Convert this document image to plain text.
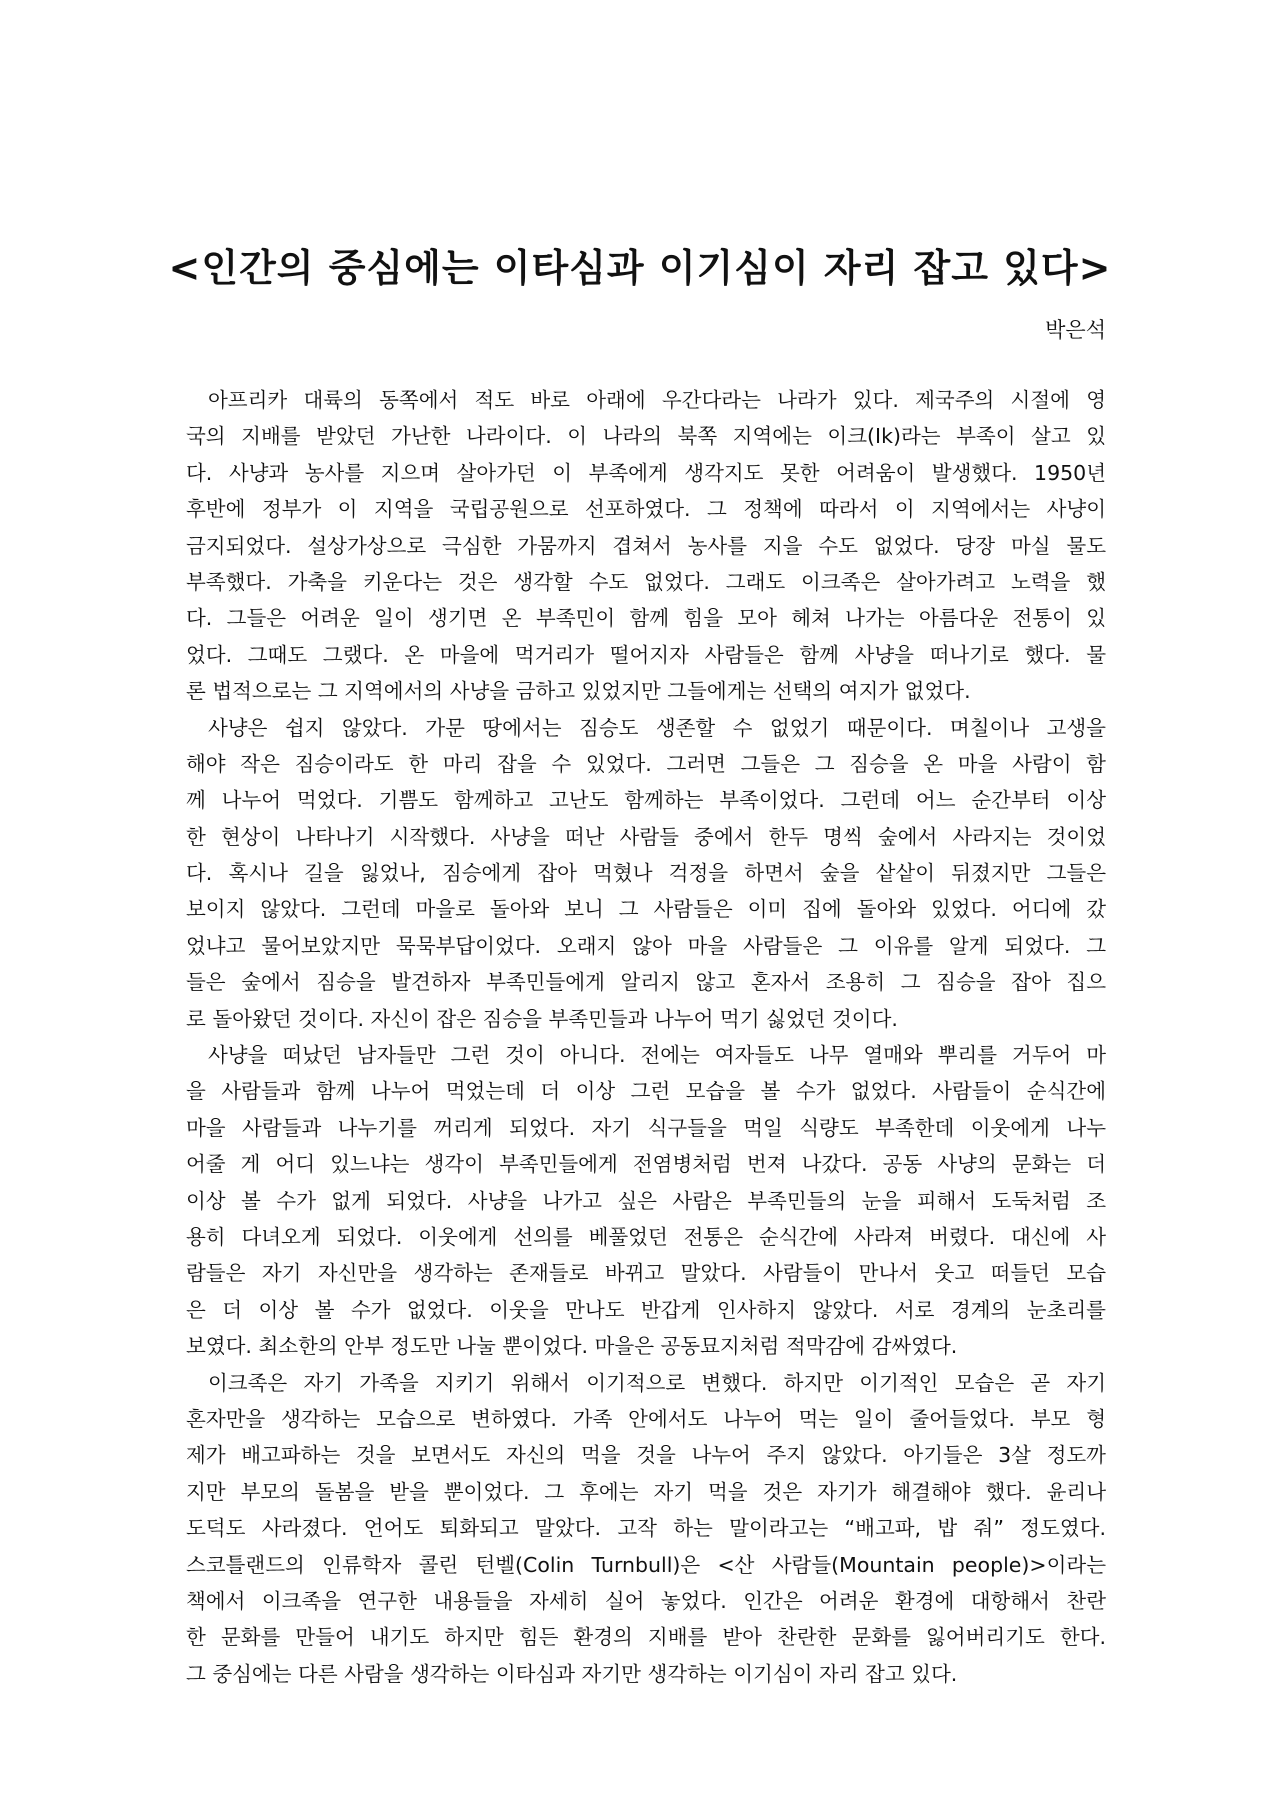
<인간의 중심에는 이타심과 이기심이 자리 잡고 있다>
박은석
아프리카 대륙의 동쪽에서 적도 바로 아래에 우간다라는 나라가 있다. 제국주의 시절에 영
국의 지배를 받았던 가난한 나라이다. 이 나라의 북쪽 지역에는 이크(Ik)라는 부족이 살고 있
다. 사냥과 농사를 지으며 살아가던 이 부족에게 생각지도 못한 어려움이 발생했다. 1950년
후반에 정부가 이 지역을 국립공원으로 선포하였다. 그 정책에 따라서 이 지역에서는 사냥이
금지되었다. 설상가상으로 극심한 가뭄까지 겹쳐서 농사를 지을 수도 없었다. 당장 마실 물도
부족했다. 가축을 키운다는 것은 생각할 수도 없었다. 그래도 이크족은 살아가려고 노력을 했
다. 그들은 어려운 일이 생기면 온 부족민이 함께 힘을 모아 헤쳐 나가는 아름다운 전통이 있
었다. 그때도 그랬다. 온 마을에 먹거리가 떨어지자 사람들은 함께 사냥을 떠나기로 했다. 물
론 법적으로는 그 지역에서의 사냥을 금하고 있었지만 그들에게는 선택의 여지가 없었다.
사냥은 쉽지 않았다. 가문 땅에서는 짐승도 생존할 수 없었기 때문이다. 며칠이나 고생을
해야 작은 짐승이라도 한 마리 잡을 수 있었다. 그러면 그들은 그 짐승을 온 마을 사람이 함
께 나누어 먹었다. 기쁨도 함께하고 고난도 함께하는 부족이었다. 그런데 어느 순간부터 이상
한 현상이 나타나기 시작했다. 사냥을 떠난 사람들 중에서 한두 명씩 숲에서 사라지는 것이었
다. 혹시나 길을 잃었나, 짐승에게 잡아 먹혔나 걱정을 하면서 숲을 샅샅이 뒤졌지만 그들은
보이지 않았다. 그런데 마을로 돌아와 보니 그 사람들은 이미 집에 돌아와 있었다. 어디에 갔
었냐고 물어보았지만 묵묵부답이었다. 오래지 않아 마을 사람들은 그 이유를 알게 되었다. 그
들은 숲에서 짐승을 발견하자 부족민들에게 알리지 않고 혼자서 조용히 그 짐승을 잡아 집으
로 돌아왔던 것이다. 자신이 잡은 짐승을 부족민들과 나누어 먹기 싫었던 것이다.
사냥을 떠났던 남자들만 그런 것이 아니다. 전에는 여자들도 나무 열매와 뿌리를 거두어 마
을 사람들과 함께 나누어 먹었는데 더 이상 그런 모습을 볼 수가 없었다. 사람들이 순식간에
마을 사람들과 나누기를 꺼리게 되었다. 자기 식구들을 먹일 식량도 부족한데 이웃에게 나누
어줄 게 어디 있느냐는 생각이 부족민들에게 전염병처럼 번져 나갔다. 공동 사냥의 문화는 더
이상 볼 수가 없게 되었다. 사냥을 나가고 싶은 사람은 부족민들의 눈을 피해서 도둑처럼 조
용히 다녀오게 되었다. 이웃에게 선의를 베풀었던 전통은 순식간에 사라져 버렸다. 대신에 사
람들은 자기 자신만을 생각하는 존재들로 바뀌고 말았다. 사람들이 만나서 웃고 떠들던 모습
은 더 이상 볼 수가 없었다. 이웃을 만나도 반갑게 인사하지 않았다. 서로 경계의 눈초리를
보였다. 최소한의 안부 정도만 나눌 뿐이었다. 마을은 공동묘지처럼 적막감에 감싸였다.
이크족은 자기 가족을 지키기 위해서 이기적으로 변했다. 하지만 이기적인 모습은 곧 자기
혼자만을 생각하는 모습으로 변하였다. 가족 안에서도 나누어 먹는 일이 줄어들었다. 부모 형
제가 배고파하는 것을 보면서도 자신의 먹을 것을 나누어 주지 않았다. 아기들은 3살 정도까
지만 부모의 돌봄을 받을 뿐이었다. 그 후에는 자기 먹을 것은 자기가 해결해야 했다. 윤리나
도덕도 사라졌다. 언어도 퇴화되고 말았다. 고작 하는 말이라고는 “배고파, 밥 줘” 정도였다.
스코틀랜드의 인류학자 콜린 턴벨(Colin Turnbull)은 <산 사람들(Mountain people)>이라는
책에서 이크족을 연구한 내용들을 자세히 실어 놓었다. 인간은 어려운 환경에 대항해서 찬란
한 문화를 만들어 내기도 하지만 힘든 환경의 지배를 받아 찬란한 문화를 잃어버리기도 한다.
그 중심에는 다른 사람을 생각하는 이타심과 자기만 생각하는 이기심이 자리 잡고 있다.
